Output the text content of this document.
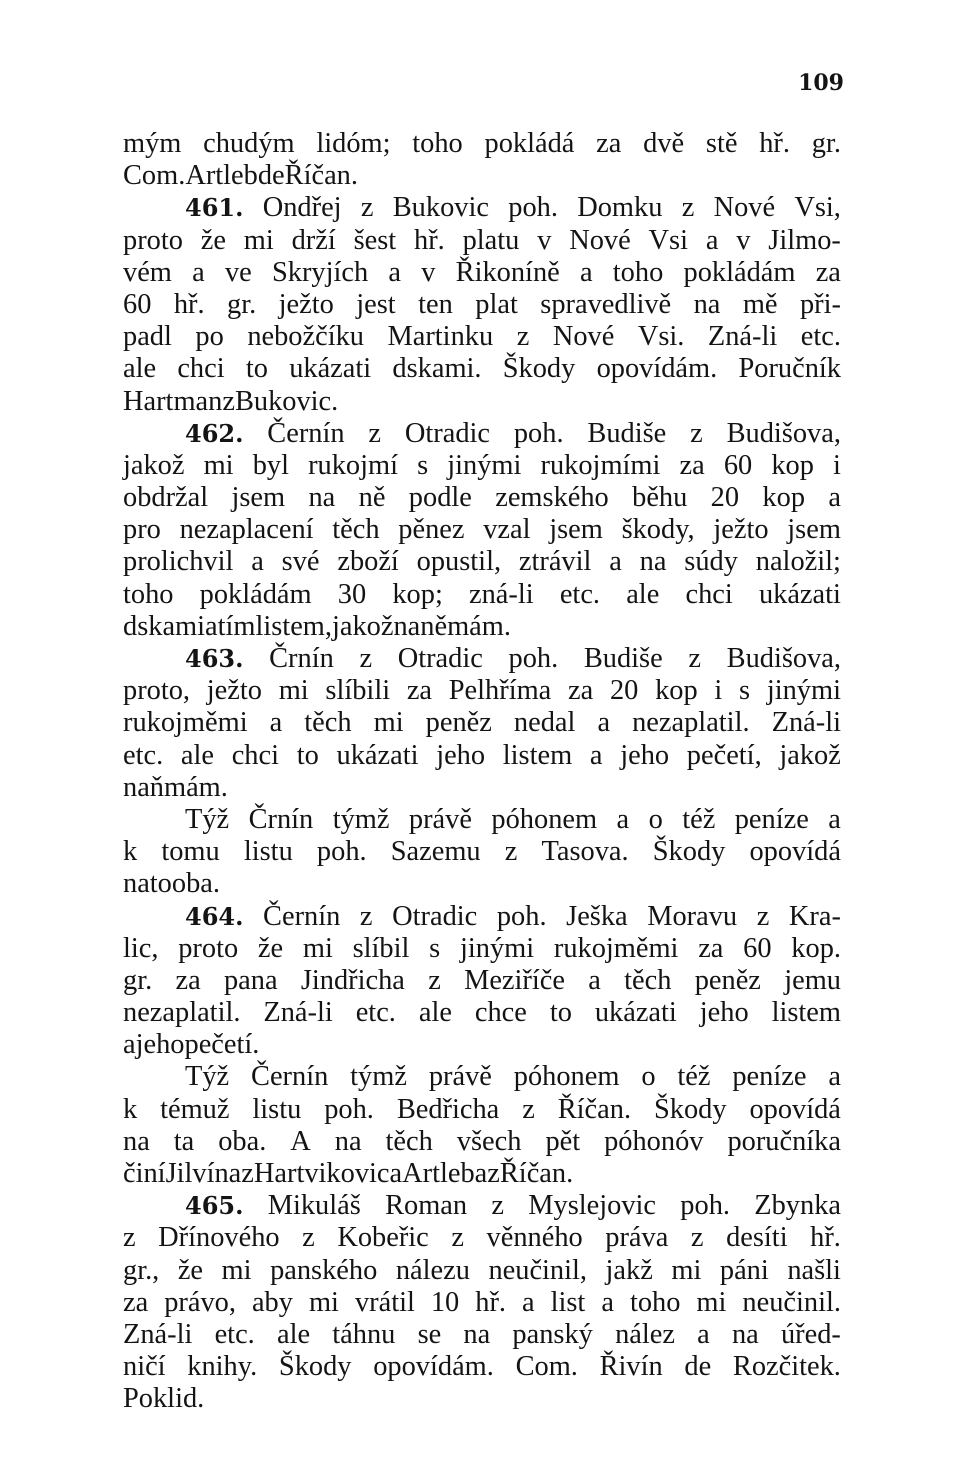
109
mým chudým lidóm; toho pokládá za dvě stě hř. gr.
Com. Artleb de Říčan.
461. Ondřej z Bukovic poh. Domku z Nové Vsi,
proto že mi drží šest hř. platu v Nové Vsi a v Jilmo-
vém a ve Skryjích a v Řikoníně a toho pokládám za
60 hř. gr. ježto jest ten plat spravedlivě na mě při-
padl po nebožčíku Martinku z Nové Vsi. Zná-li etc.
ale chci to ukázati dskami. Škody opovídám. Poručník
Hartman z Bukovic.
462. Černín z Otradic poh. Budiše z Budišova,
jakož mi byl rukojmí s jinými rukojmími za 60 kop i
obdržal jsem na ně podle zemského běhu 20 kop a
pro nezaplacení těch pěnez vzal jsem škody, ježto jsem
prolichvil a své zboží opustil, ztrávil a na súdy naložil;
toho pokládám 30 kop; zná-li etc. ale chci ukázati
dskami a tím listem, jakož na ně mám.
463. Črnín z Otradic poh. Budiše z Budišova,
proto, ježto mi slíbili za Pelhříma za 20 kop i s jinými
rukojměmi a těch mi peněz nedal a nezaplatil. Zná-li
etc. ale chci to ukázati jeho listem a jeho pečetí, jakož
naň mám.
Týž Črnín týmž právě póhonem a o též peníze a
k tomu listu poh. Sazemu z Tasova. Škody opovídá
na to oba.
464. Černín z Otradic poh. Ješka Moravu z Kra-
lic, proto že mi slíbil s jinými rukojměmi za 60 kop.
gr. za pana Jindřicha z Meziříče a těch peněz jemu
nezaplatil. Zná-li etc. ale chce to ukázati jeho listem
a jeho pečetí.
Týž Černín týmž právě póhonem o též peníze a
k témuž listu poh. Bedřicha z Říčan. Škody opovídá
na ta oba. A na těch všech pět póhonóv poručníka
činí Jilvína z Hartvikovic a Artleba z Říčan.
465. Mikuláš Roman z Myslejovic poh. Zbynka
z Dřínového z Kobeřic z věnného práva z desíti hř.
gr., že mi panského nálezu neučinil, jakž mi páni našli
za právo, aby mi vrátil 10 hř. a list a toho mi neučinil.
Zná-li etc. ale táhnu se na panský nález a na úřed-
ničí knihy. Škody opovídám. Com. Řivín de Rozčitek.
Poklid.
